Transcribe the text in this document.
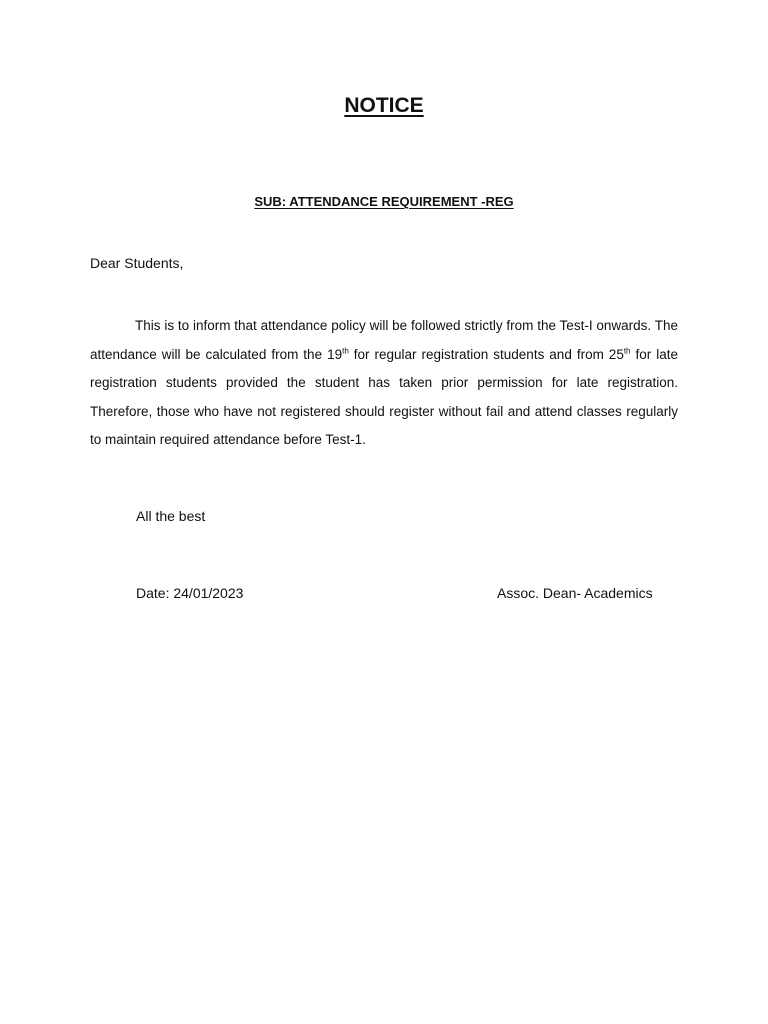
NOTICE

SUB: ATTENDANCE REQUIREMENT -REG

Dear Students,

This is to inform that attendance policy will be followed strictly from the Test-I onwards. The attendance will be calculated from the 19th for regular registration students and from 25th for late registration students provided the student has taken prior permission for late registration. Therefore, those who have not registered should register without fail and attend classes regularly to maintain required attendance before Test-1.

All the best

Date: 24/01/2023	Assoc. Dean- Academics
